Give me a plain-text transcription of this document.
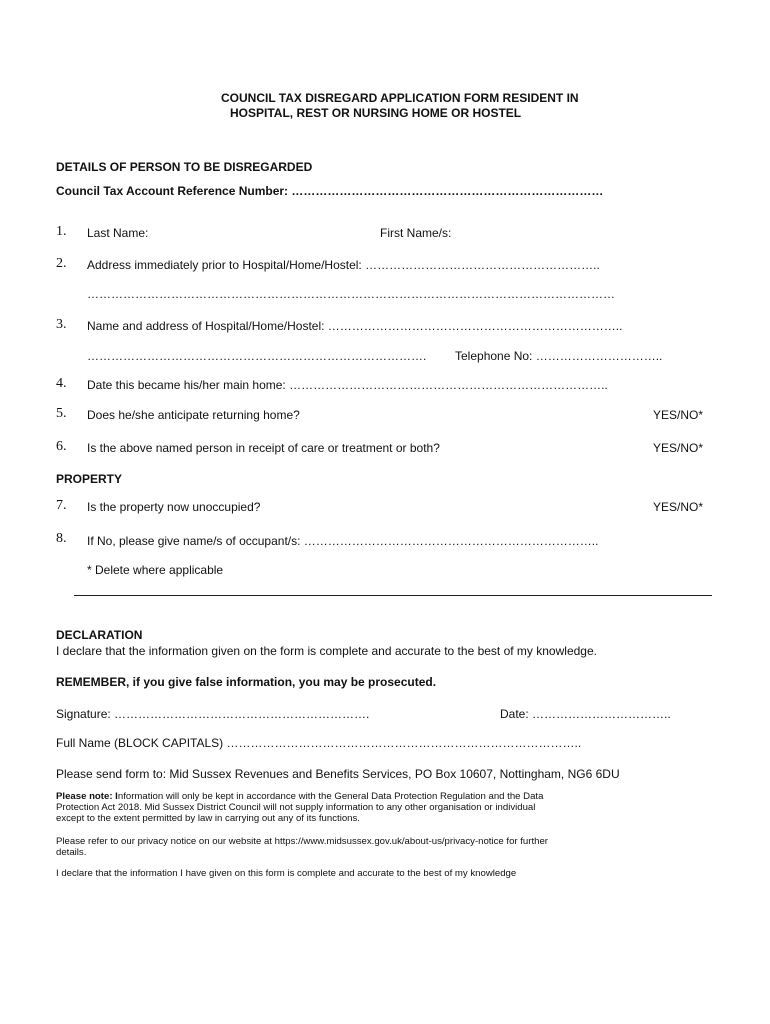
COUNCIL TAX DISREGARD APPLICATION FORM RESIDENT IN
HOSPITAL, REST OR NURSING HOME OR HOSTEL
DETAILS OF PERSON TO BE DISREGARDED
Council Tax Account Reference Number: ……………………………………………………………………
1. Last Name:	First Name/s:
2. Address immediately prior to Hospital/Home/Hostel: …………………………………………………..
……………………………………………………………………………………………………………………
3. Name and address of Hospital/Home/Hostel: ………………………………………………………………..
…………………………………………………………………………. Telephone No: …………………………..
4. Date this became his/her main home: ……………………………………………………………………..
5. Does he/she anticipate returning home?	YES/NO*
6. Is the above named person in receipt of care or treatment or both?	YES/NO*
PROPERTY
7. Is the property now unoccupied?	YES/NO*
8. If No, please give name/s of occupant/s: ………………………………………………………………..
* Delete where applicable
DECLARATION
I declare that the information given on the form is complete and accurate to the best of my knowledge.
REMEMBER, if you give false information, you may be prosecuted.
Signature: ……………………………………………………….	Date: ……………………………..
Full Name (BLOCK CAPITALS) ……………………………………………………………………………..
Please send form to: Mid Sussex Revenues and Benefits Services, PO Box 10607, Nottingham, NG6 6DU
Please note: Information will only be kept in accordance with the General Data Protection Regulation and the Data
Protection Act 2018. Mid Sussex District Council will not supply information to any other organisation or individual
except to the extent permitted by law in carrying out any of its functions.
Please refer to our privacy notice on our website at https://www.midsussex.gov.uk/about-us/privacy-notice for further
details.
I declare that the information I have given on this form is complete and accurate to the best of my knowledge
